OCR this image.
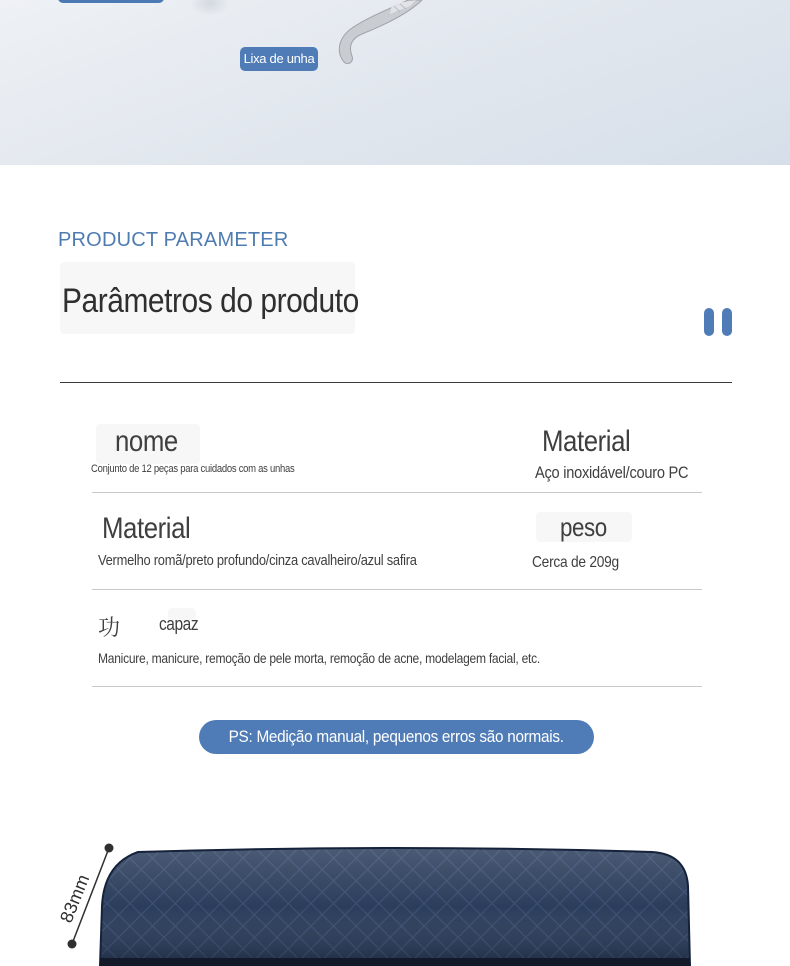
Lixa de unha
PRODUCT PARAMETER
Parâmetros do produto
nome
Conjunto de 12 peças para cuidados com as unhas
Material
Aço inoxidável/couro PC
Material
Vermelho romã/preto profundo/cinza cavalheiro/azul safira
peso
Cerca de 209g
功 capaz
Manicure, manicure, remoção de pele morta, remoção de acne, modelagem facial, etc.
PS: Medição manual, pequenos erros são normais.
83mm
